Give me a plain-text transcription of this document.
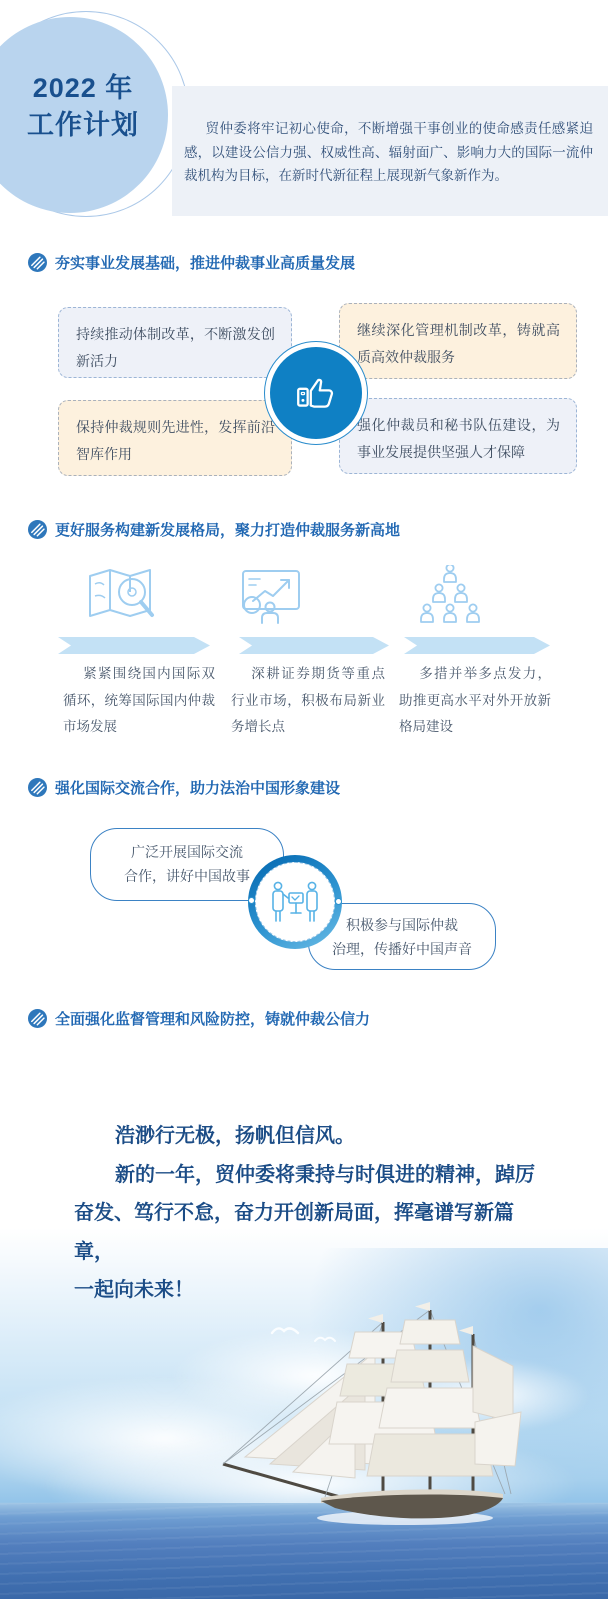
2022 年
工作计划	贸仲委将牢记初心使命，不断增强干事创业的使命感责任感紧迫感，以建设公信力强、权威性高、辐射面广、影响力大的国际一流仲裁机构为目标，在新时代新征程上展现新气象新作为。

夯实事业发展基础，推进仲裁事业高质量发展
持续推动体制改革，不断激发创新活力
继续深化管理机制改革，铸就高质高效仲裁服务
保持仲裁规则先进性，发挥前沿智库作用
强化仲裁员和秘书队伍建设，为事业发展提供坚强人才保障
更好服务构建新发展格局，聚力打造仲裁服务新高地
紧紧围绕国内国际双循环，统筹国际国内仲裁市场发展
深耕证券期货等重点行业市场，积极布局新业务增长点
多措并举多点发力，助推更高水平对外开放新格局建设
强化国际交流合作，助力法治中国形象建设
广泛开展国际交流
合作，讲好中国故事
积极参与国际仲裁
治理，传播好中国声音
全面强化监督管理和风险防控，铸就仲裁公信力
浩渺行无极，扬帆但信风。
新的一年，贸仲委将秉持与时俱进的精神，踔厉
奋发、笃行不怠，奋力开创新局面，挥毫谱写新篇章，
一起向未来！
